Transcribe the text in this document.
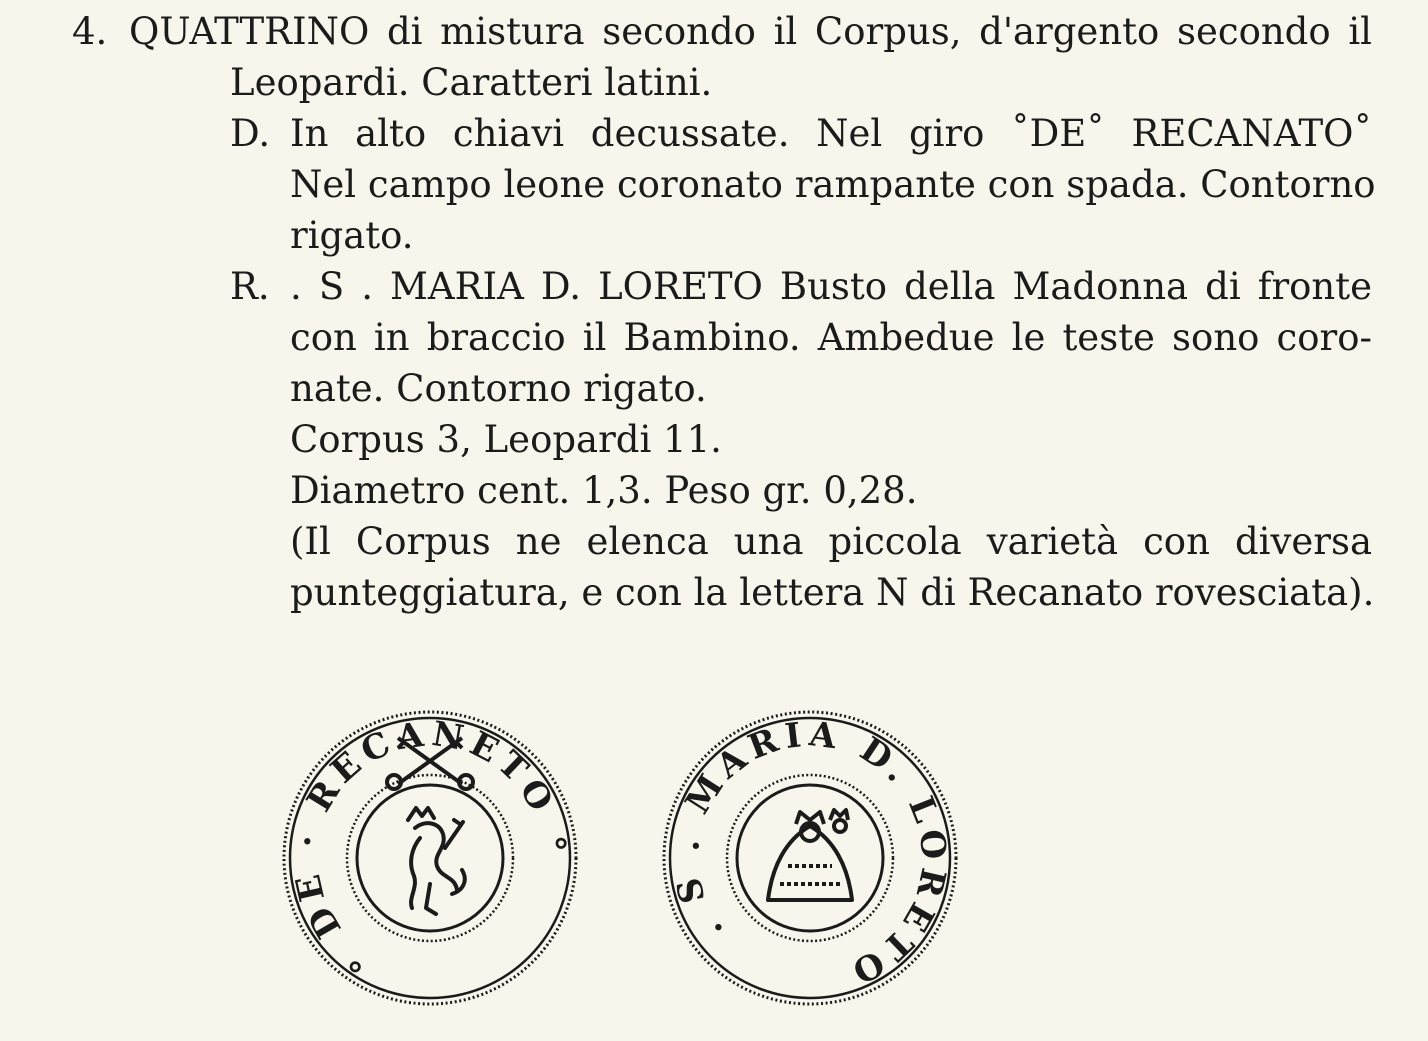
4. QUATTRINO di mistura secondo il Corpus, d'argento secondo il
Leopardi. Caratteri latini.
D. In alto chiavi decussate. Nel giro ˚DE˚ RECANATO˚
Nel campo leone coronato rampante con spada. Contorno
rigato.
R. . S . MARIA D. LORETO Busto della Madonna di fronte
con in braccio il Bambino. Ambedue le teste sono coro-
nate. Contorno rigato.
Corpus 3, Leopardi 11.
Diametro cent. 1,3. Peso gr. 0,28.
(Il Corpus ne elenca una piccola varietà con diversa
punteggiatura, e con la lettera N di Recanato rovesciata).
° DE · RECANETO °
. S . MARIA D. LORETO
